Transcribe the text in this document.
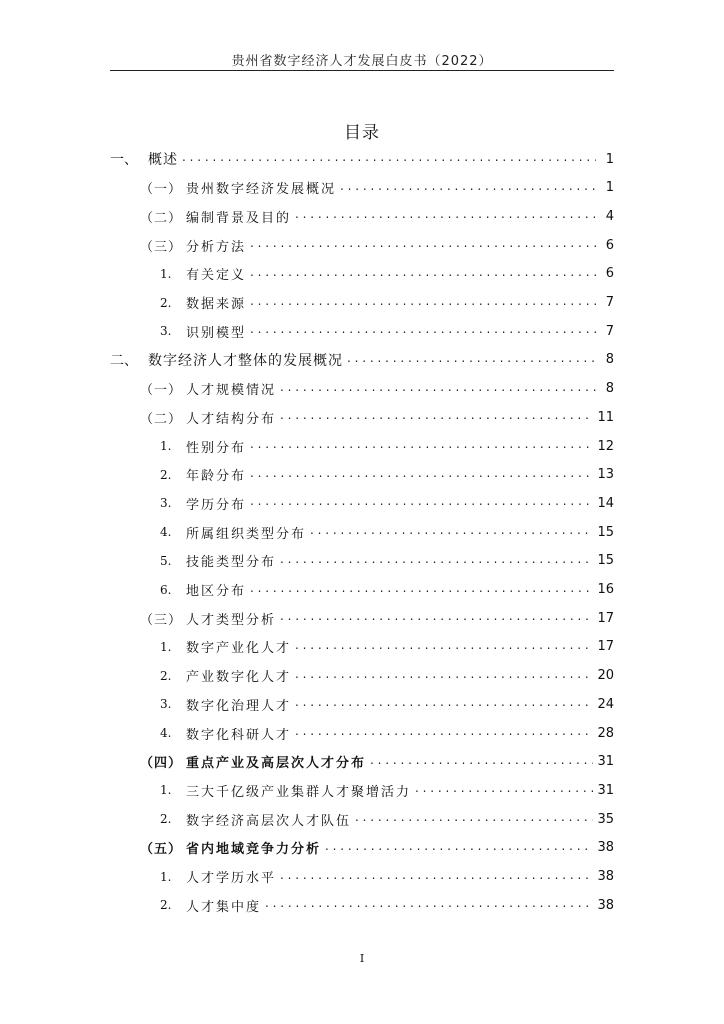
贵州省数字经济人才发展白皮书（2022）
目录
一、 概述 . . .	1
（一） 贵州数字经济发展概况 . . .	1
（二） 编制背景及目的 . . .	4
（三） 分析方法 . . .	6
1.	有关定义 . . .	6
2.	数据来源 . . .	7
3.	识别模型 . . .	7
二、 数字经济人才整体的发展概况 . . .	8
（一） 人才规模情况 . . .	8
（二） 人才结构分布 . . .	11
1.	性别分布 . . .	12
2.	年龄分布 . . .	13
3.	学历分布 . . .	14
4.	所属组织类型分布 . . .	15
5.	技能类型分布 . . .	15
6.	地区分布 . . .	16
（三） 人才类型分析 . . .	17
1.	数字产业化人才 . . .	17
2.	产业数字化人才 . . .	20
3.	数字化治理人才 . . .	24
4.	数字化科研人才 . . .	28
（四） 重点产业及高层次人才分布 . . .	31
1.	三大千亿级产业集群人才聚增活力 . . .	31
2.	数字经济高层次人才队伍 . . .	35
（五） 省内地域竞争力分析 . . .	38
1.	人才学历水平 . . .	38
2.	人才集中度 . . .	38
I
